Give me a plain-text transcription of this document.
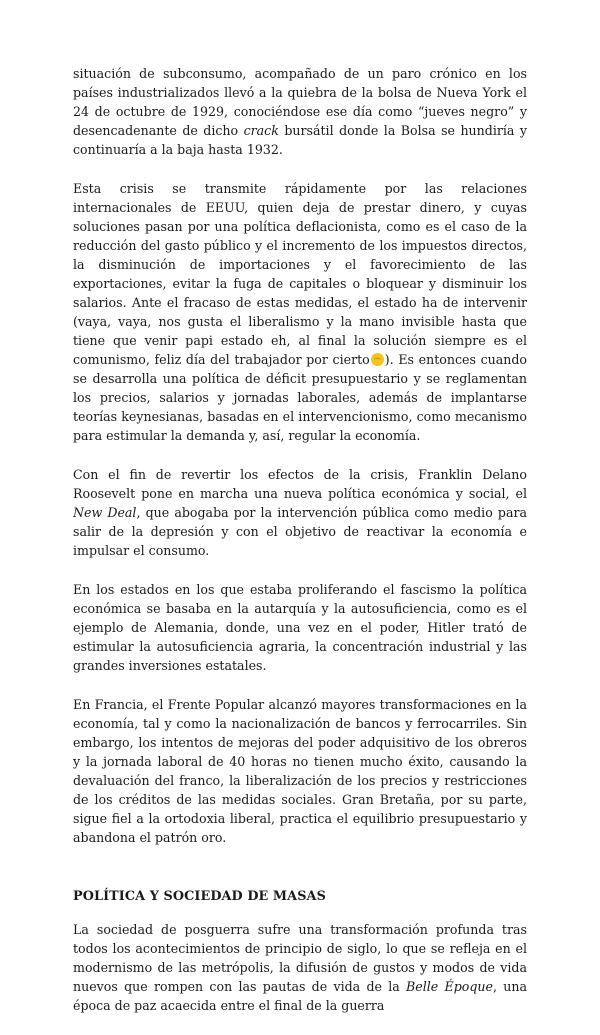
situación de subconsumo, acompañado de un paro crónico en los países industrializados llevó a la quiebra de la bolsa de Nueva York el 24 de octubre de 1929, conociéndose ese día como “jueves negro” y desencadenante de dicho crack bursátil donde la Bolsa se hundiría y continuaría a la baja hasta 1932.

Esta crisis se transmite rápidamente por las relaciones internacionales de EEUU, quien deja de prestar dinero, y cuyas soluciones pasan por una política deflacionista, como es el caso de la reducción del gasto público y el incremento de los impuestos directos, la disminución de importaciones y el favorecimiento de las exportaciones, evitar la fuga de capitales o bloquear y disminuir los salarios. Ante el fracaso de estas medidas, el estado ha de intervenir (vaya, vaya, nos gusta el liberalismo y la mano invisible hasta que tiene que venir papi estado eh, al final la solución siempre es el comunismo, feliz día del trabajador por cierto ). Es entonces cuando se desarrolla una política de déficit presupuestario y se reglamentan los precios, salarios y jornadas laborales, además de implantarse teorías keynesianas, basadas en el intervencionismo, como mecanismo para estimular la demanda y, así, regular la economía.

Con el fin de revertir los efectos de la crisis, Franklin Delano Roosevelt pone en marcha una nueva política económica y social, el New Deal, que abogaba por la intervención pública como medio para salir de la depresión y con el objetivo de reactivar la economía e impulsar el consumo.

En los estados en los que estaba proliferando el fascismo la política económica se basaba en la autarquía y la autosuficiencia, como es el ejemplo de Alemania, donde, una vez en el poder, Hitler trató de estimular la autosuficiencia agraria, la concentración industrial y las grandes inversiones estatales.

En Francia, el Frente Popular alcanzó mayores transformaciones en la economía, tal y como la nacionalización de bancos y ferrocarriles. Sin embargo, los intentos de mejoras del poder adquisitivo de los obreros y la jornada laboral de 40 horas no tienen mucho éxito, causando la devaluación del franco, la liberalización de los precios y restricciones de los créditos de las medidas sociales. Gran Bretaña, por su parte, sigue fiel a la ortodoxia liberal, practica el equilibrio presupuestario y abandona el patrón oro.

POLÍTICA Y SOCIEDAD DE MASAS

La sociedad de posguerra sufre una transformación profunda tras todos los acontecimientos de principio de siglo, lo que se refleja en el modernismo de las metrópolis, la difusión de gustos y modos de vida nuevos que rompen con las pautas de vida de la Belle Époque, una época de paz acaecida entre el final de la guerra
